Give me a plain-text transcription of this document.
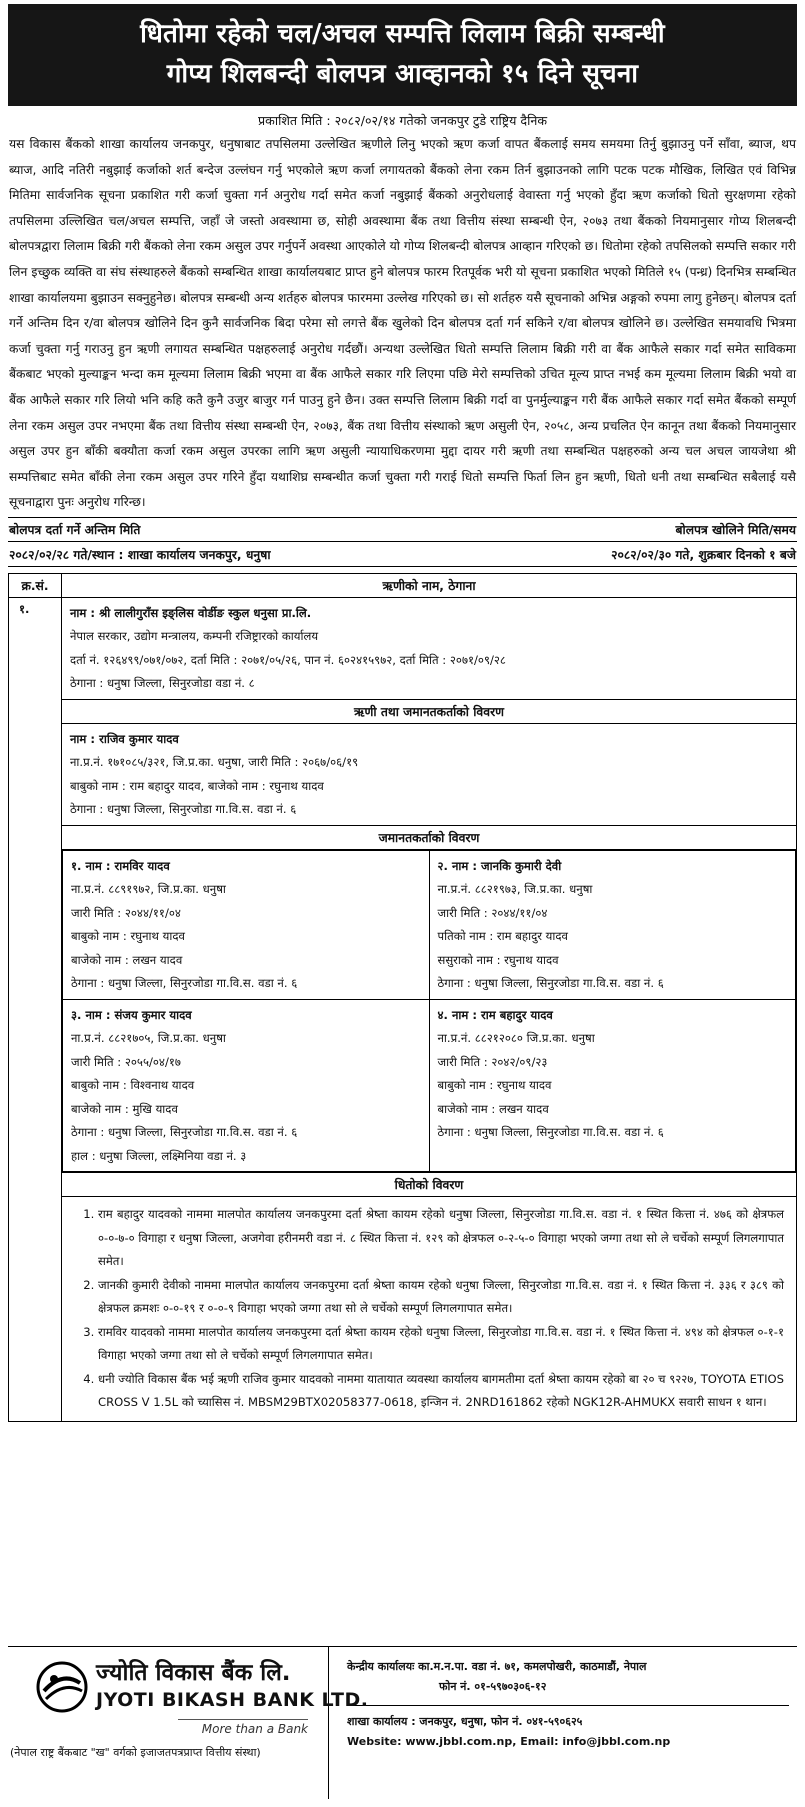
धितोमा रहेको चल/अचल सम्पत्ति लिलाम बिक्री सम्बन्धी
गोप्य शिलबन्दी बोलपत्र आव्हानको १५ दिने सूचना
प्रकाशित मिति : २०८२/०२/१४ गतेको जनकपुर टुडे राष्ट्रिय दैनिक
यस विकास बैंकको शाखा कार्यालय जनकपुर, धनुषाबाट तपसिलमा उल्लेखित ऋणीले लिनु भएको ऋण कर्जा वापत बैंकलाई समय समयमा तिर्नु बुझाउनु पर्ने साँवा, ब्याज, थप ब्याज, आदि नतिरी नबुझाई कर्जाको शर्त बन्देज उल्लंघन गर्नु भएकोले ऋण कर्जा लगायतको बैंकको लेना रकम तिर्न बुझाउनको लागि पटक पटक मौखिक, लिखित एवं विभिन्न मितिमा सार्वजनिक सूचना प्रकाशित गरी कर्जा चुक्ता गर्न अनुरोध गर्दा समेत कर्जा नबुझाई बैंकको अनुरोधलाई वेवास्ता गर्नु भएको हुँदा ऋण कर्जाको धितो सुरक्षणमा रहेको तपसिलमा उल्लिखित चल/अचल सम्पत्ति, जहाँ जे जस्तो अवस्थामा छ, सोही अवस्थामा बैंक तथा वित्तीय संस्था सम्बन्धी ऐन, २०७३ तथा बैंकको नियमानुसार गोप्य शिलबन्दी बोलपत्रद्वारा लिलाम बिक्री गरी बैंकको लेना रकम असुल उपर गर्नुपर्ने अवस्था आएकोले यो गोप्य शिलबन्दी बोलपत्र आव्हान गरिएको छ। धितोमा रहेको तपसिलको सम्पत्ति सकार गरी लिन इच्छुक व्यक्ति वा संघ संस्थाहरुले बैंकको सम्बन्धित शाखा कार्यालयबाट प्राप्त हुने बोलपत्र फारम रितपूर्वक भरी यो सूचना प्रकाशित भएको मितिले १५ (पन्ध्र) दिनभित्र सम्बन्धित शाखा कार्यालयमा बुझाउन सक्नुहुनेछ। बोलपत्र सम्बन्धी अन्य शर्तहरु बोलपत्र फारममा उल्लेख गरिएको छ। सो शर्तहरु यसै सूचनाको अभिन्न अङ्गको रुपमा लागु हुनेछन्। बोलपत्र दर्ता गर्ने अन्तिम दिन र/वा बोलपत्र खोलिने दिन कुनै सार्वजनिक बिदा परेमा सो लगत्ते बैंक खुलेको दिन बोलपत्र दर्ता गर्न सकिने र/वा बोलपत्र खोलिने छ। उल्लेखित समयावधि भित्रमा कर्जा चुक्ता गर्नु गराउनु हुन ऋणी लगायत सम्बन्धित पक्षहरुलाई अनुरोध गर्दछौं। अन्यथा उल्लेखित धितो सम्पत्ति लिलाम बिक्री गरी वा बैंक आफैले सकार गर्दा समेत साविकमा बैंकबाट भएको मुल्याङ्कन भन्दा कम मूल्यमा लिलाम बिक्री भएमा वा बैंक आफैले सकार गरि लिएमा पछि मेरो सम्पत्तिको उचित मूल्य प्राप्त नभई कम मूल्यमा लिलाम बिक्री भयो वा बैंक आफैले सकार गरि लियो भनि कहि कतै कुनै उजुर बाजुर गर्न पाउनु हुने छैन। उक्त सम्पत्ति लिलाम बिक्री गर्दा वा पुनर्मुल्याङ्कन गरी बैंक आफैले सकार गर्दा समेत बैंकको सम्पूर्ण लेना रकम असुल उपर नभएमा बैंक तथा वित्तीय संस्था सम्बन्धी ऐन, २०७३, बैंक तथा वित्तीय संस्थाको ऋण असुली ऐन, २०५८, अन्य प्रचलित ऐन कानून तथा बैंकको नियमानुसार असुल उपर हुन बाँकी बक्यौता कर्जा रकम असुल उपरका लागि ऋण असुली न्यायाधिकरणमा मुद्दा दायर गरी ऋणी तथा सम्बन्धित पक्षहरुको अन्य चल अचल जायजेथा श्री सम्पत्तिबाट समेत बाँकी लेना रकम असुल उपर गरिने हुँदा यथाशिघ्र सम्बन्धीत कर्जा चुक्ता गरी गराई धितो सम्पत्ति फिर्ता लिन हुन ऋणी, धितो धनी तथा सम्बन्धित सबैलाई यसै सूचनाद्वारा पुनः अनुरोध गरिन्छ।
बोलपत्र दर्ता गर्ने अन्तिम मिति	बोलपत्र खोलिने मिति/समय
२०८२/०२/२८ गते/स्थान : शाखा कार्यालय जनकपुर, धनुषा	२०८२/०२/३० गते, शुक्रबार दिनको १ बजे
क्र.सं.	ऋणीको नाम, ठेगाना
१.	नाम : श्री लालीगुराँस इङ्लिस वोर्डीङ स्कुल धनुसा प्रा.लि.
नेपाल सरकार, उद्योग मन्त्रालय, कम्पनी रजिष्ट्रारको कार्यालय
दर्ता नं. १२६४९९/०७१/०७२, दर्ता मिति : २०७१/०५/२६, पान नं. ६०२४१५९७२, दर्ता मिति : २०७१/०९/२८
ठेगाना : धनुषा जिल्ला, सिनुरजोडा वडा नं. ८

ऋणी तथा जमानतकर्ताको विवरण

नाम : राजिव कुमार यादव
ना.प्र.नं. १७१०८५/३२१, जि.प्र.का. धनुषा, जारी मिति : २०६७/०६/१९
बाबुको नाम : राम बहादुर यादव, बाजेको नाम : रघुनाथ यादव
ठेगाना : धनुषा जिल्ला, सिनुरजोडा गा.वि.स. वडा नं. ६

जमानतकर्ताको विवरण

१. नाम : रामविर यादव
ना.प्र.नं. ८८९१९७२, जि.प्र.का. धनुषा
जारी मिति : २०४४/११/०४
बाबुको नाम : रघुनाथ यादव
बाजेको नाम : लखन यादव
ठेगाना : धनुषा जिल्ला, सिनुरजोडा गा.वि.स. वडा नं. ६

२. नाम : जानकि कुमारी देवी
ना.प्र.नं. ८८२१९७३, जि.प्र.का. धनुषा
जारी मिति : २०४४/११/०४
पतिको नाम : राम बहादुर यादव
ससुराको नाम : रघुनाथ यादव
ठेगाना : धनुषा जिल्ला, सिनुरजोडा गा.वि.स. वडा नं. ६

३. नाम : संजय कुमार यादव
ना.प्र.नं. ८८२१७०५, जि.प्र.का. धनुषा
जारी मिति : २०५५/०४/१७
बाबुको नाम : विश्वनाथ यादव
बाजेको नाम : मुखि यादव
ठेगाना : धनुषा जिल्ला, सिनुरजोडा गा.वि.स. वडा नं. ६
हाल : धनुषा जिल्ला, लक्ष्मिनिया वडा नं. ३

४. नाम : राम बहादुर यादव
ना.प्र.नं. ८८२१२०८० जि.प्र.का. धनुषा
जारी मिति : २०४२/०९/२३
बाबुको नाम : रघुनाथ यादव
बाजेको नाम : लखन यादव
ठेगाना : धनुषा जिल्ला, सिनुरजोडा गा.वि.स. वडा नं. ६

धितोको विवरण

1. राम बहादुर यादवको नाममा मालपोत कार्यालय जनकपुरमा दर्ता श्रेष्ता कायम रहेको धनुषा जिल्ला, सिनुरजोडा गा.वि.स. वडा नं. १ स्थित कित्ता नं. ४७६ को क्षेत्रफल ०-०-७-० विगाहा र धनुषा जिल्ला, अजगेवा हरीनमरी वडा नं. ८ स्थित कित्ता नं. १२९ को क्षेत्रफल ०-२-५-० विगाहा भएको जग्गा तथा सो ले चर्चेको सम्पूर्ण लिगलगापात समेत।
2. जानकी कुमारी देवीको नाममा मालपोत कार्यालय जनकपुरमा दर्ता श्रेष्ता कायम रहेको धनुषा जिल्ला, सिनुरजोडा गा.वि.स. वडा नं. १ स्थित कित्ता नं. ३३६ र ३८९ को क्षेत्रफल क्रमशः ०-०-१९ र ०-०-९ विगाहा भएको जग्गा तथा सो ले चर्चेको सम्पूर्ण लिगलगापात समेत।
3. रामविर यादवको नाममा मालपोत कार्यालय जनकपुरमा दर्ता श्रेष्ता कायम रहेको धनुषा जिल्ला, सिनुरजोडा गा.वि.स. वडा नं. १ स्थित कित्ता नं. ४९४ को क्षेत्रफल ०-१-१ विगाहा भएको जग्गा तथा सो ले चर्चेको सम्पूर्ण लिगलगापात समेत।
4. धनी ज्योति विकास बैंक भई ऋणी राजिव कुमार यादवको नाममा यातायात व्यवस्था कार्यालय बागमतीमा दर्ता श्रेष्ता कायम रहेको बा २० च ९२२७, TOYOTA ETIOS CROSS V 1.5L को च्यासिस नं. MBSM29BTX02058377-0618, इन्जिन नं. 2NRD161862 रहेको NGK12R-AHMUKX सवारी साधन १ थान।
ज्योति विकास बैंक लि.
JYOTI BIKASH BANK LTD.
More than a Bank
(नेपाल राष्ट्र बैंकबाट "ख" वर्गको इजाजतपत्रप्राप्त वित्तीय संस्था)
केन्द्रीय कार्यालयः का.म.न.पा. वडा नं. ७१, कमलपोखरी, काठमाडौं, नेपाल
फोन नं. ०१-५९७०३०६-१२
शाखा कार्यालय : जनकपुर, धनुषा, फोन नं. ०४१-५९०६२५
Website: www.jbbl.com.np, Email: info@jbbl.com.np
